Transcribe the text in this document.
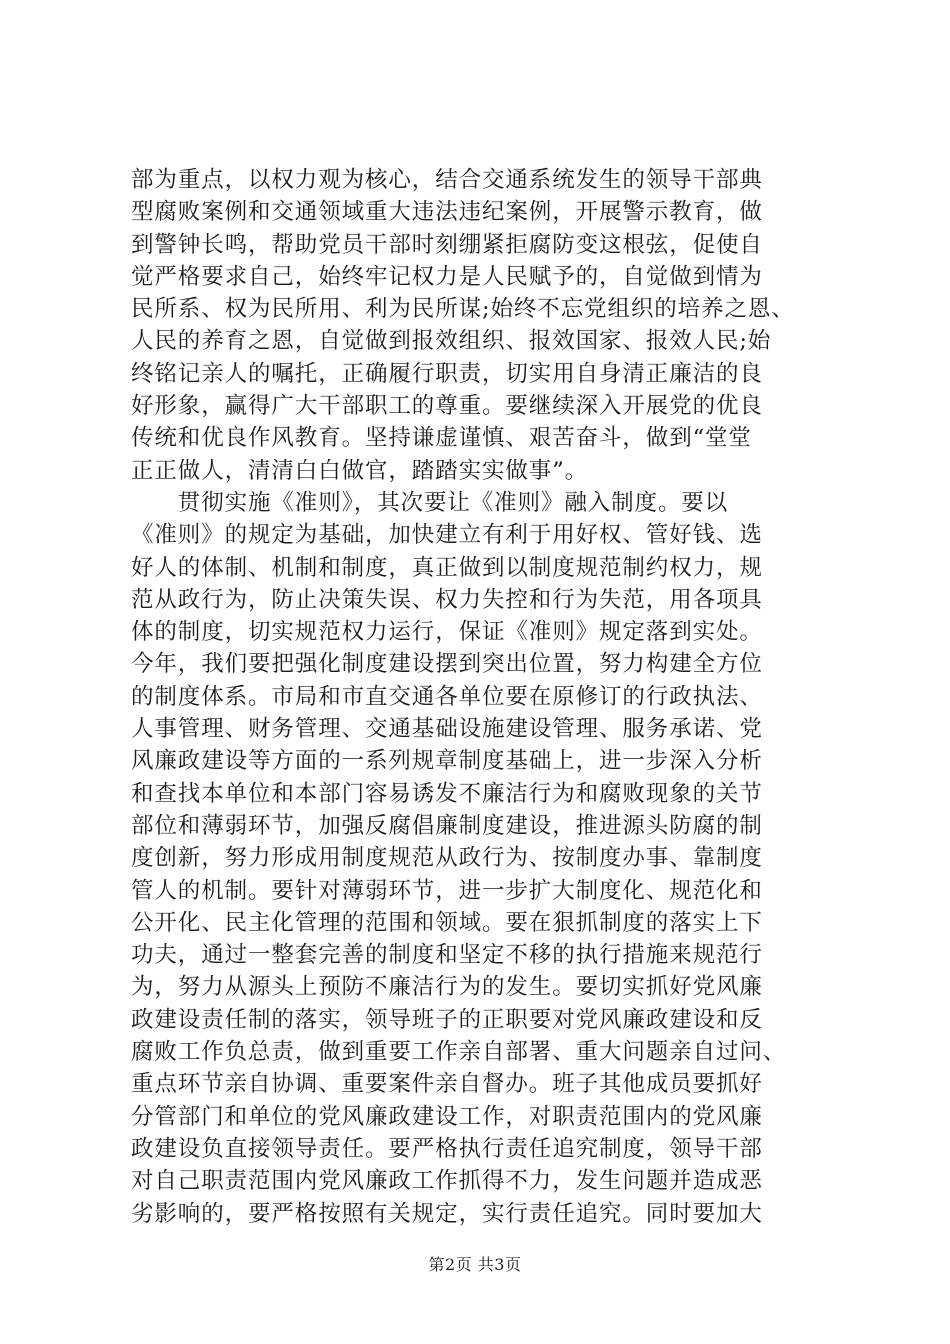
部为重点，以权力观为核心，结合交通系统发生的领导干部典
型腐败案例和交通领域重大违法违纪案例，开展警示教育，做
到警钟长鸣，帮助党员干部时刻绷紧拒腐防变这根弦，促使自
觉严格要求自己，始终牢记权力是人民赋予的，自觉做到情为
民所系、权为民所用、利为民所谋;始终不忘党组织的培养之恩、
人民的养育之恩，自觉做到报效组织、报效国家、报效人民;始
终铭记亲人的嘱托，正确履行职责，切实用自身清正廉洁的良
好形象，赢得广大干部职工的尊重。要继续深入开展党的优良
传统和优良作风教育。坚持谦虚谨慎、艰苦奋斗，做到“堂堂
正正做人，清清白白做官，踏踏实实做事”。
　　贯彻实施《准则》，其次要让《准则》融入制度。要以
《准则》的规定为基础，加快建立有利于用好权、管好钱、选
好人的体制、机制和制度，真正做到以制度规范制约权力，规
范从政行为，防止决策失误、权力失控和行为失范，用各项具
体的制度，切实规范权力运行，保证《准则》规定落到实处。
今年，我们要把强化制度建设摆到突出位置，努力构建全方位
的制度体系。市局和市直交通各单位要在原修订的行政执法、
人事管理、财务管理、交通基础设施建设管理、服务承诺、党
风廉政建设等方面的一系列规章制度基础上，进一步深入分析
和查找本单位和本部门容易诱发不廉洁行为和腐败现象的关节
部位和薄弱环节，加强反腐倡廉制度建设，推进源头防腐的制
度创新，努力形成用制度规范从政行为、按制度办事、靠制度
管人的机制。要针对薄弱环节，进一步扩大制度化、规范化和
公开化、民主化管理的范围和领域。要在狠抓制度的落实上下
功夫，通过一整套完善的制度和坚定不移的执行措施来规范行
为，努力从源头上预防不廉洁行为的发生。要切实抓好党风廉
政建设责任制的落实，领导班子的正职要对党风廉政建设和反
腐败工作负总责，做到重要工作亲自部署、重大问题亲自过问、
重点环节亲自协调、重要案件亲自督办。班子其他成员要抓好
分管部门和单位的党风廉政建设工作，对职责范围内的党风廉
政建设负直接领导责任。要严格执行责任追究制度，领导干部
对自己职责范围内党风廉政工作抓得不力，发生问题并造成恶
劣影响的，要严格按照有关规定，实行责任追究。同时要加大
第2页 共3页
